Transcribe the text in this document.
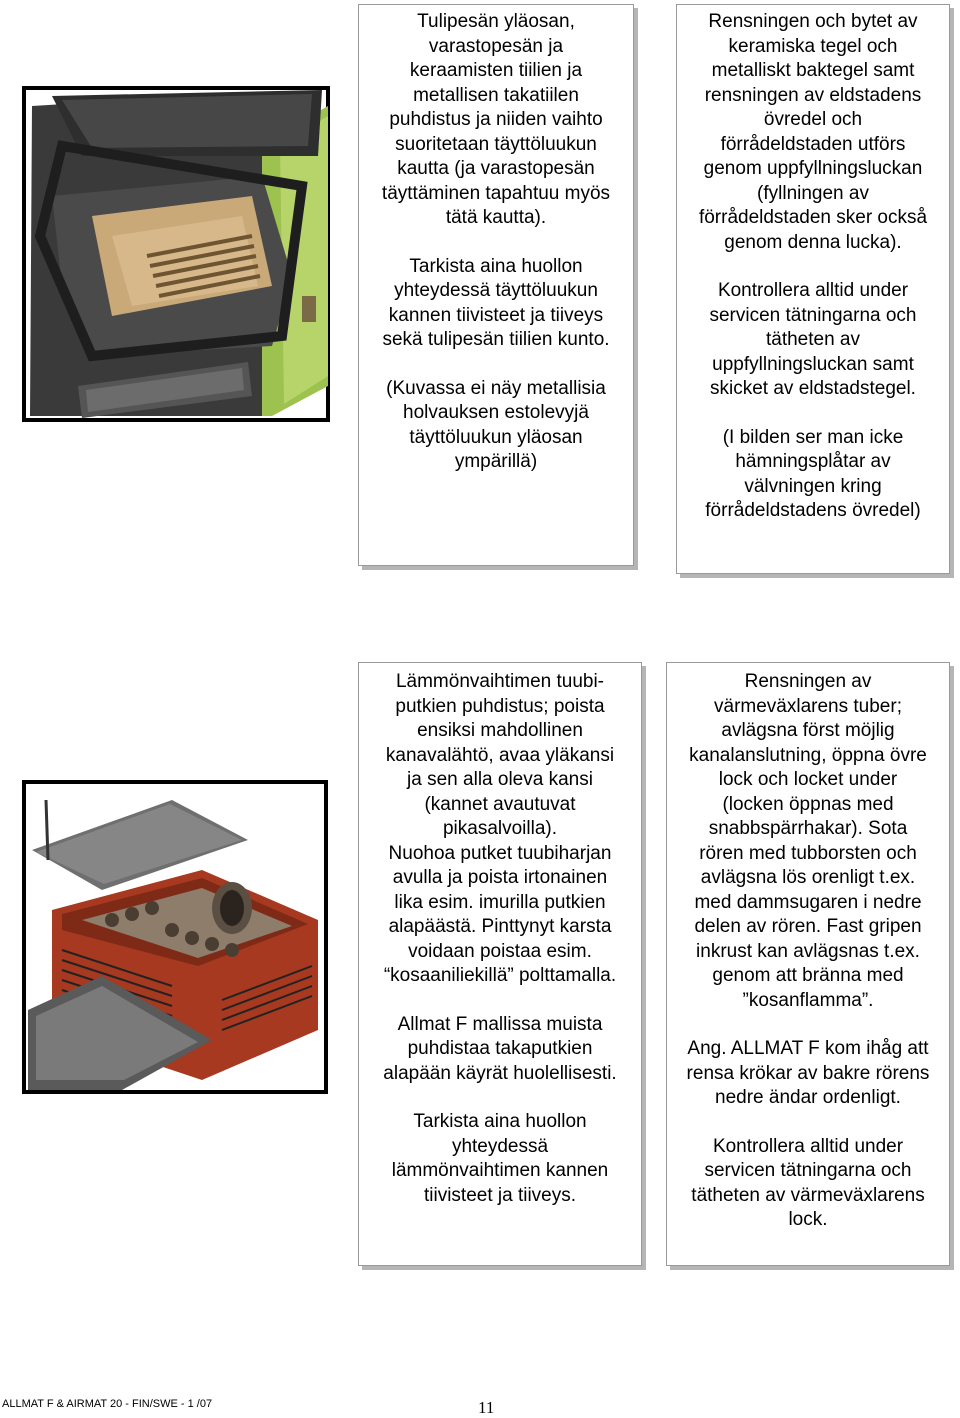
Tulipesän yläosan,
varastopesän ja
keraamisten tiilien ja
metallisen takatiilen
puhdistus ja niiden vaihto
suoritetaan täyttöluukun
kautta (ja varastopesän
täyttäminen tapahtuu myös
tätä kautta).

Tarkista aina huollon
yhteydessä täyttöluukun
kannen tiivisteet ja tiiveys
sekä tulipesän tiilien kunto.

(Kuvassa ei näy metallisia
holvauksen estolevyjä
täyttöluukun yläosan
ympärillä)

Rensningen och bytet av
keramiska tegel och
metalliskt baktegel samt
rensningen av eldstadens
övredel och
förrådeldstaden utförs
genom uppfyllningsluckan
(fyllningen av
förrådeldstaden sker också
genom denna lucka).

Kontrollera alltid under
servicen tätningarna och
tätheten av
uppfyllningsluckan samt
skicket av eldstadstegel.

(I bilden ser man icke
hämningsplåtar av
välvningen kring
förrådeldstadens övredel)

Lämmönvaihtimen tuubi-
putkien puhdistus; poista
ensiksi mahdollinen
kanavalähtö, avaa yläkansi
ja sen alla oleva kansi
(kannet avautuvat
pikasalvoilla).
Nuohoa putket tuubiharjan
avulla ja poista irtonainen
lika esim. imurilla putkien
alapäästä. Pinttynyt karsta
voidaan poistaa esim.
“kosaaniliekillä” polttamalla.

Allmat F mallissa muista
puhdistaa takaputkien
alapään käyrät huolellisesti.

Tarkista aina huollon
yhteydessä
lämmönvaihtimen kannen
tiivisteet ja tiiveys.

Rensningen av
värmeväxlarens tuber;
avlägsna först möjlig
kanalanslutning, öppna övre
lock och locket under
(locken öppnas med
snabbspärrhakar). Sota
rören med tubborsten och
avlägsna lös orenligt t.ex.
med dammsugaren i nedre
delen av rören. Fast gripen
inkrust kan avlägsnas t.ex.
genom att bränna med
”kosanflamma”.

Ang. ALLMAT F kom ihåg att
rensa krökar av bakre rörens
nedre ändar ordenligt.

Kontrollera alltid under
servicen tätningarna och
tätheten av värmeväxlarens
lock.

ALLMAT F & AIRMAT 20 - FIN/SWE - 1 /07	11
